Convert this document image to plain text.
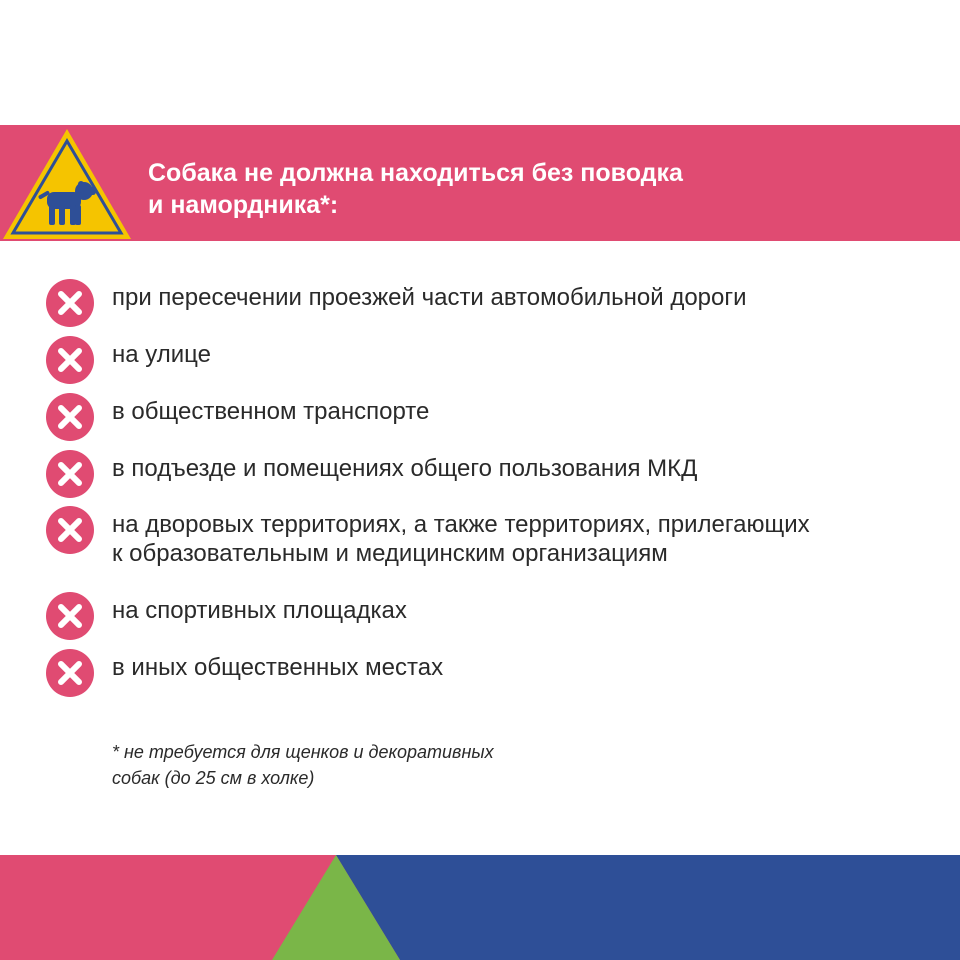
Собака не должна находиться без поводка
и намордника*:
при пересечении проезжей части автомобильной дороги
на улице
в общественном транспорте
в подъезде и помещениях общего пользования МКД
на дворовых территориях, а также территориях, прилегающих
к образовательным и медицинским организациям
на спортивных площадках
в иных общественных местах
* не требуется для щенков и декоративных
собак (до 25 см в холке)
